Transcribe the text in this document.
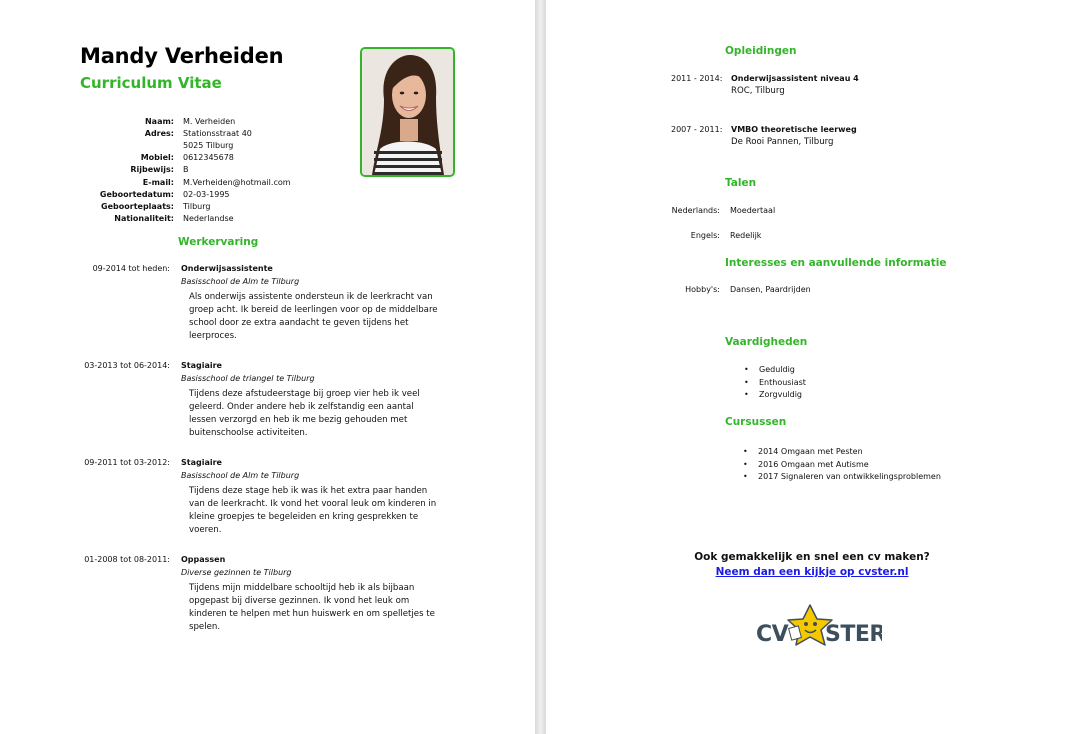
Mandy Verheiden
Curriculum Vitae
Naam: M. Verheiden
Adres: Stationsstraat 40
5025 Tilburg
Mobiel: 0612345678
Rijbewijs: B
E-mail: M.Verheiden@hotmail.com
Geboortedatum: 02-03-1995
Geboorteplaats: Tilburg
Nationaliteit: Nederlandse
Werkervaring
09-2014 tot heden: Onderwijsassistente
Basisschool de Alm te Tilburg
Als onderwijs assistente ondersteun ik de leerkracht van
groep acht. Ik bereid de leerlingen voor op de middelbare
school door ze extra aandacht te geven tijdens het
leerproces.
03-2013 tot 06-2014: Stagiaire
Basisschool de triangel te Tilburg
Tijdens deze afstudeerstage bij groep vier heb ik veel
geleerd. Onder andere heb ik zelfstandig een aantal
lessen verzorgd en heb ik me bezig gehouden met
buitenschoolse activiteiten.
09-2011 tot 03-2012: Stagiaire
Basisschool de Alm te Tilburg
Tijdens deze stage heb ik was ik het extra paar handen
van de leerkracht. Ik vond het vooral leuk om kinderen in
kleine groepjes te begeleiden en kring gesprekken te
voeren.
01-2008 tot 08-2011: Oppassen
Diverse gezinnen te Tilburg
Tijdens mijn middelbare schooltijd heb ik als bijbaan
opgepast bij diverse gezinnen. Ik vond het leuk om
kinderen te helpen met hun huiswerk en om spelletjes te
spelen.
Opleidingen
2011 - 2014: Onderwijsassistent niveau 4
ROC, Tilburg
2007 - 2011: VMBO theoretische leerweg
De Rooi Pannen, Tilburg
Talen
Nederlands: Moedertaal
Engels: Redelijk
Interesses en aanvullende informatie
Hobby's: Dansen, Paardrijden
Vaardigheden
• Geduldig
• Enthousiast
• Zorgvuldig
Cursussen
• 2014 Omgaan met Pesten
• 2016 Omgaan met Autisme
• 2017 Signaleren van ontwikkelingsproblemen
Ook gemakkelijk en snel een cv maken?
Neem dan een kijkje op cvster.nl
CV STER
